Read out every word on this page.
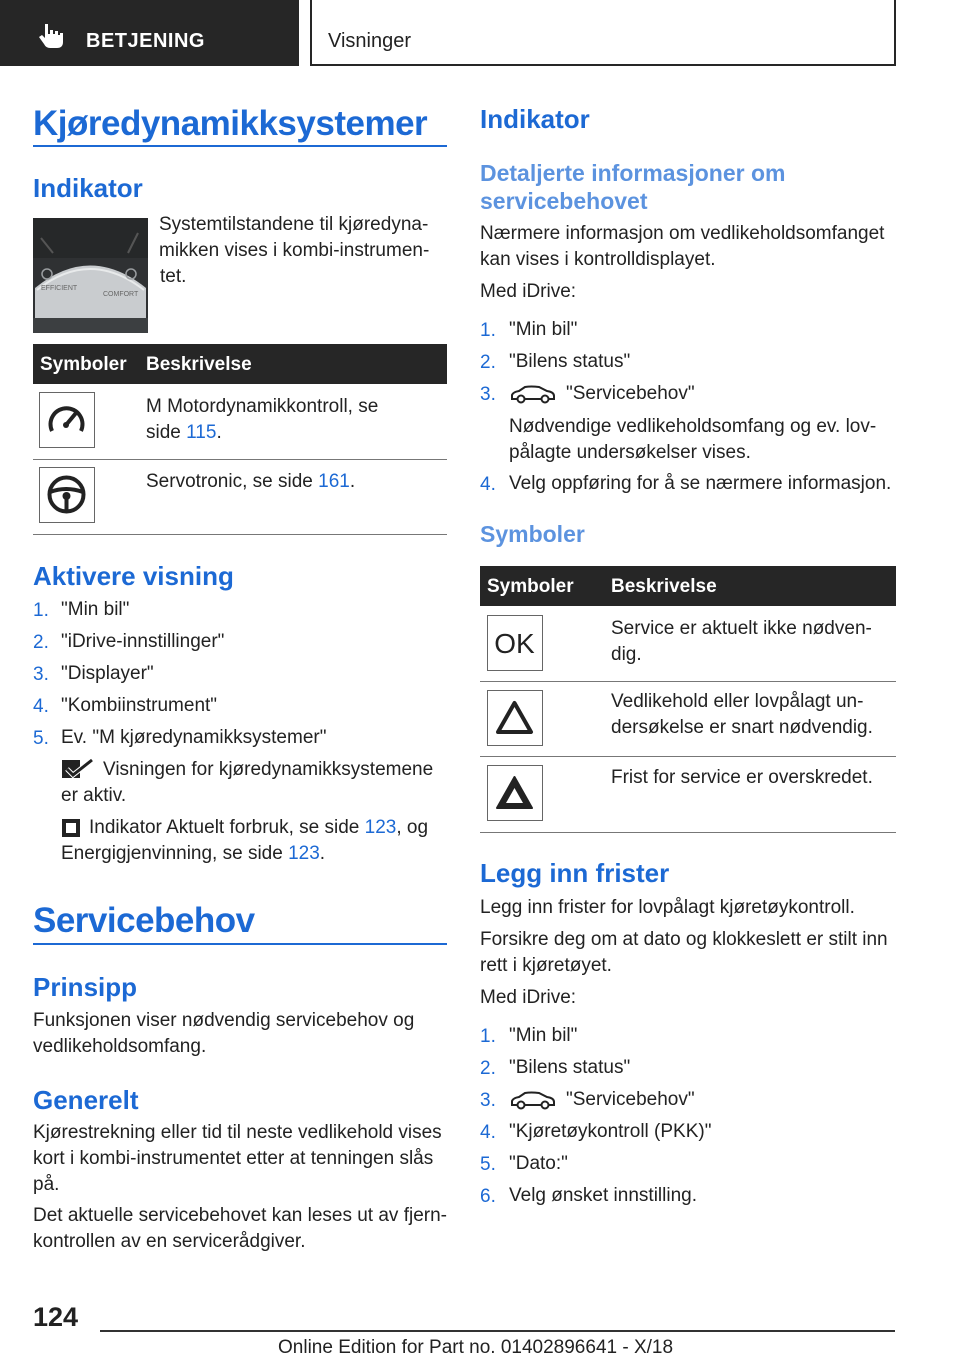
BETJENING	Visninger
Kjøredynamikksystemer
Indikator
EFFICIENT
COMFORT
Systemtilstandene til kjøredyna-
mikken vises i kombi-instrumen-
tet.
Symboler Beskrivelse
M Motordynamikkontroll, se
side 115.
Servotronic, se side 161.
Aktivere visning
1. "Min bil"
2. "iDrive-innstillinger"
3. "Displayer"
4. "Kombiinstrument"
5. Ev. "M kjøredynamikksystemer"
Visningen for kjøredynamikksystemene
er aktiv.
Indikator Aktuelt forbruk, se side 123, og
Energigjenvinning, se side 123.
Servicebehov
Prinsipp
Funksjonen viser nødvendig servicebehov og
vedlikeholdsomfang.
Generelt
Kjørestrekning eller tid til neste vedlikehold vises
kort i kombi-instrumentet etter at tenningen slås
på.
Det aktuelle servicebehovet kan leses ut av fjern-
kontrollen av en servicerådgiver.
Indikator
Detaljerte informasjoner om
servicebehovet
Nærmere informasjon om vedlikeholdsomfanget
kan vises i kontrolldisplayet.
Med iDrive:
1. "Min bil"
2. "Bilens status"
3.	"Servicebehov"
Nødvendige vedlikeholdsomfang og ev. lov-
pålagte undersøkelser vises.
4. Velg oppføring for å se nærmere informasjon.
Symboler
Symboler Beskrivelse
OK	Service er aktuelt ikke nødven-
dig.
Vedlikehold eller lovpålagt un-
dersøkelse er snart nødvendig.
Frist for service er overskredet.
Legg inn frister
Legg inn frister for lovpålagt kjøretøykontroll.
Forsikre deg om at dato og klokkeslett er stilt inn
rett i kjøretøyet.
Med iDrive:
1. "Min bil"
2. "Bilens status"
3.	"Servicebehov"
4. "Kjøretøykontroll (PKK)"
5. "Dato:"
6. Velg ønsket innstilling.
124
Online Edition for Part no. 01402896641 - X/18
